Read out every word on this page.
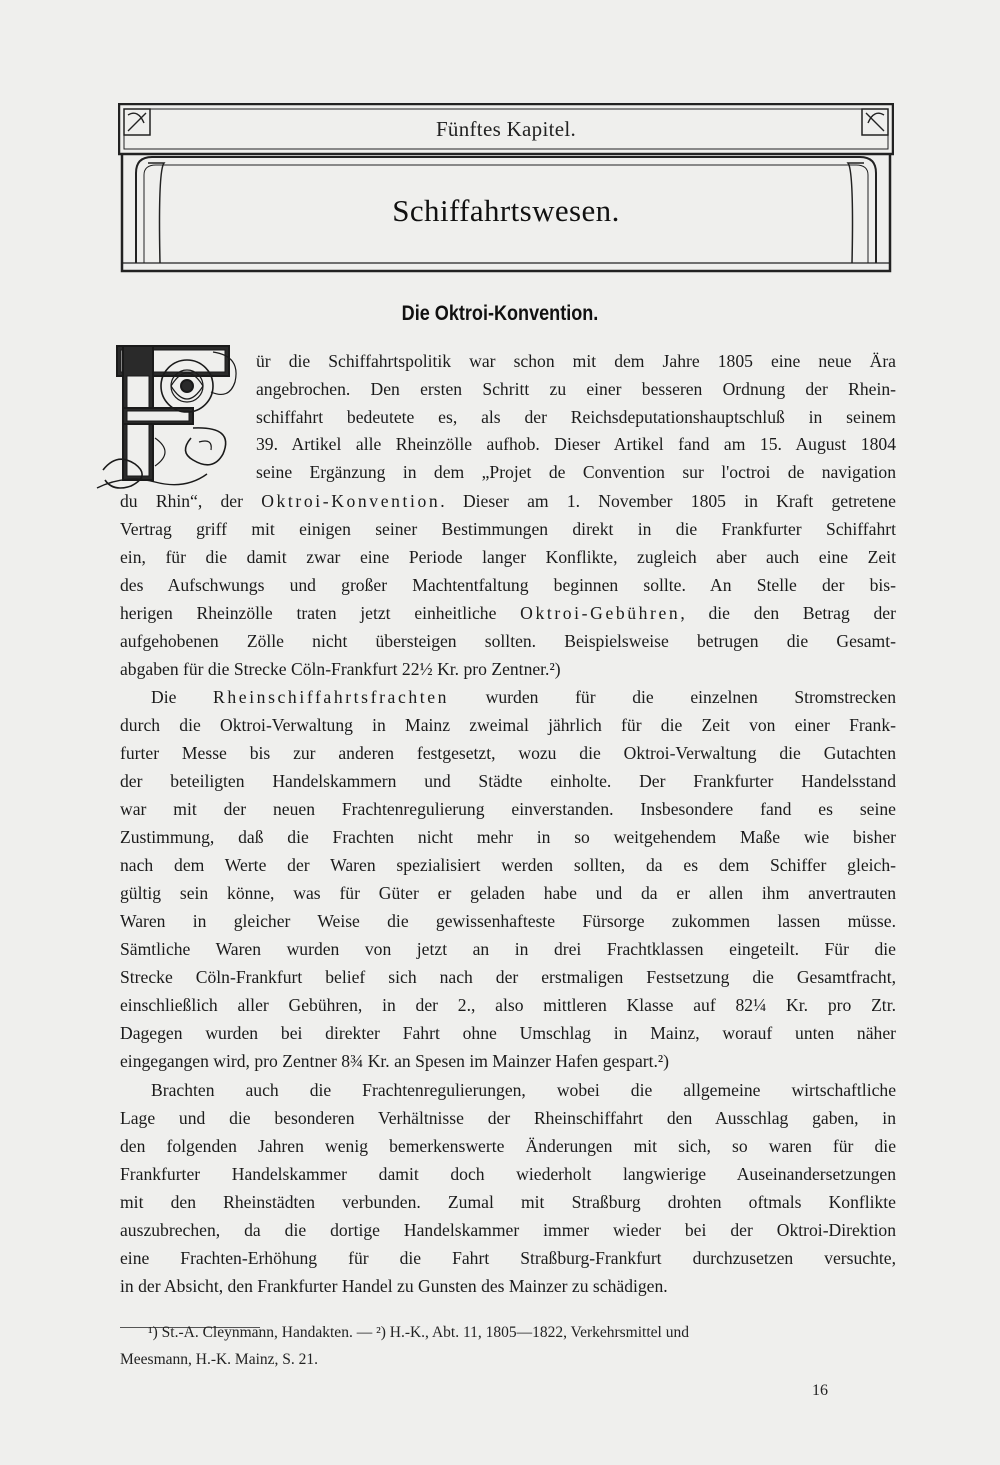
Fünftes Kapitel.
Schiffahrtswesen.
Die Oktroi-Konvention.
ür die Schiffahrtspolitik war schon mit dem Jahre 1805 eine neue Ära
angebrochen. Den ersten Schritt zu einer besseren Ordnung der Rhein-
schiffahrt bedeutete es, als der Reichsdeputationshauptschluß in seinem
39. Artikel alle Rheinzölle aufhob. Dieser Artikel fand am 15. August 1804
seine Ergänzung in dem „Projet de Convention sur l'octroi de navigation
du Rhin“, der Oktroi-Konvention. Dieser am 1. November 1805 in Kraft getretene
Vertrag griff mit einigen seiner Bestimmungen direkt in die Frankfurter Schiffahrt
ein, für die damit zwar eine Periode langer Konflikte, zugleich aber auch eine Zeit
des Aufschwungs und großer Machtentfaltung beginnen sollte. An Stelle der bis-
herigen Rheinzölle traten jetzt einheitliche Oktroi-Gebühren, die den Betrag der
aufgehobenen Zölle nicht übersteigen sollten. Beispielsweise betrugen die Gesamt-
abgaben für die Strecke Cöln-Frankfurt 22½ Kr. pro Zentner.²)
Die Rheinschiffahrtsfrachten wurden für die einzelnen Stromstrecken
durch die Oktroi-Verwaltung in Mainz zweimal jährlich für die Zeit von einer Frank-
furter Messe bis zur anderen festgesetzt, wozu die Oktroi-Verwaltung die Gutachten
der beteiligten Handelskammern und Städte einholte. Der Frankfurter Handelsstand
war mit der neuen Frachtenregulierung einverstanden. Insbesondere fand es seine
Zustimmung, daß die Frachten nicht mehr in so weitgehendem Maße wie bisher
nach dem Werte der Waren spezialisiert werden sollten, da es dem Schiffer gleich-
gültig sein könne, was für Güter er geladen habe und da er allen ihm anvertrauten
Waren in gleicher Weise die gewissenhafteste Fürsorge zukommen lassen müsse.
Sämtliche Waren wurden von jetzt an in drei Frachtklassen eingeteilt. Für die
Strecke Cöln-Frankfurt belief sich nach der erstmaligen Festsetzung die Gesamtfracht,
einschließlich aller Gebühren, in der 2., also mittleren Klasse auf 82¼ Kr. pro Ztr.
Dagegen wurden bei direkter Fahrt ohne Umschlag in Mainz, worauf unten näher
eingegangen wird, pro Zentner 8¾ Kr. an Spesen im Mainzer Hafen gespart.²)
Brachten auch die Frachtenregulierungen, wobei die allgemeine wirtschaftliche
Lage und die besonderen Verhältnisse der Rheinschiffahrt den Ausschlag gaben, in
den folgenden Jahren wenig bemerkenswerte Änderungen mit sich, so waren für die
Frankfurter Handelskammer damit doch wiederholt langwierige Auseinandersetzungen
mit den Rheinstädten verbunden. Zumal mit Straßburg drohten oftmals Konflikte
auszubrechen, da die dortige Handelskammer immer wieder bei der Oktroi-Direktion
eine Frachten-Erhöhung für die Fahrt Straßburg-Frankfurt durchzusetzen versuchte,
in der Absicht, den Frankfurter Handel zu Gunsten des Mainzer zu schädigen.
¹) St.-A. Cleynmann, Handakten. — ²) H.-K., Abt. 11, 1805—1822, Verkehrsmittel und
Meesmann, H.-K. Mainz, S. 21.
16
